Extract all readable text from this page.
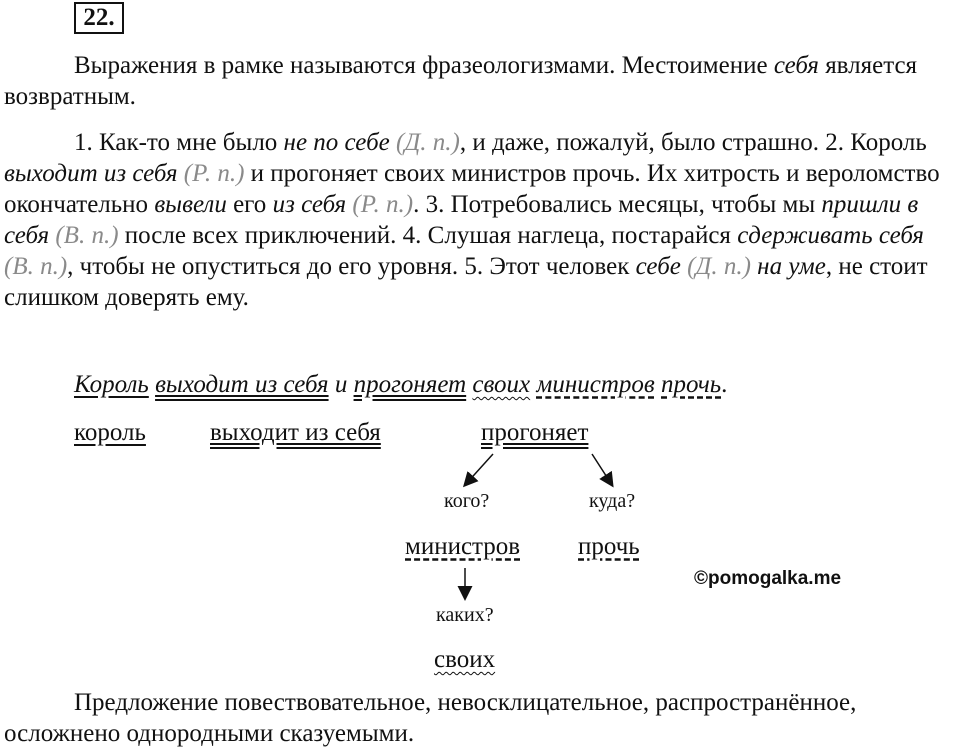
22.

Выражения в рамке называются фразеологизмами. Местоимение себя является возвратным.

1. Как-то мне было не по себе (Д. п.), и даже, пожалуй, было страшно. 2. Король выходит из себя (Р. п.) и прогоняет своих министров прочь. Их хитрость и вероломство окончательно вывели его из себя (Р. п.). 3. Потребовались месяцы, чтобы мы пришли в себя (В. п.) после всех приключений. 4. Слушая наглеца, постарайся сдерживать себя (В. п.), чтобы не опуститься до его уровня. 5. Этот человек себе (Д. п.) на уме, не стоит слишком доверять ему.

Король выходит из себя и прогоняет своих министров прочь.
король	выходит из себя	прогоняет
кого?	куда?
министров прочь
каких?
своих
©pomogalka.me

Предложение повествовательное, невосклицательное, распространённое, осложнено однородными сказуемыми.
